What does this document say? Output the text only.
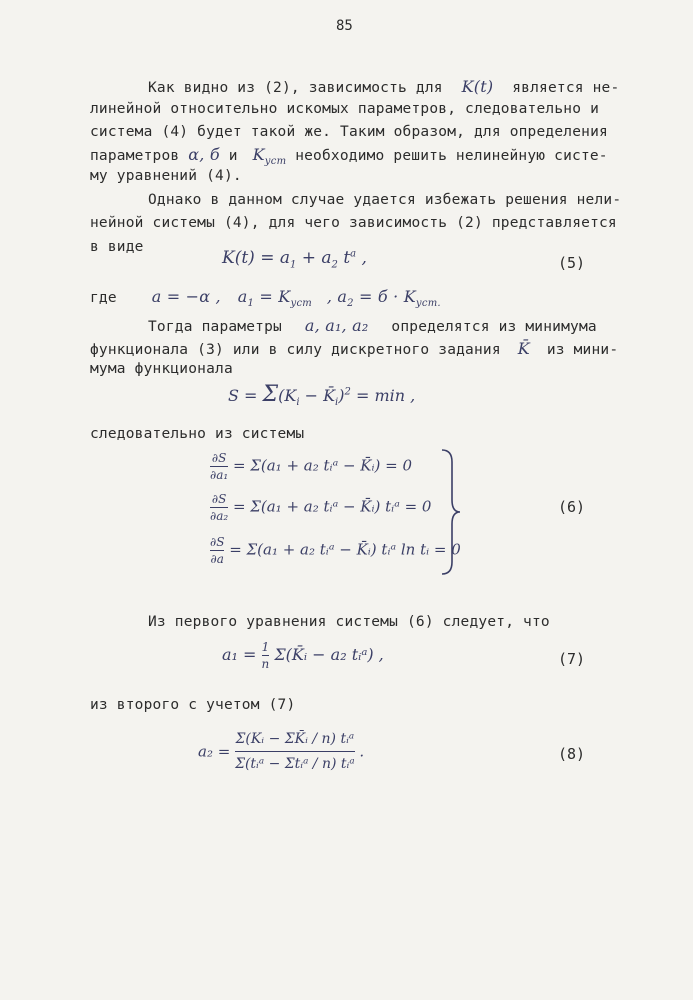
85
Как видно из (2), зависимость для K(t) является не-
линейной относительно искомых параметров, следовательно и
система (4) будет такой же. Таким образом, для определения
параметров α, б и $K_{уст}$ необходимо решить нелинейную систе-
му уравнений (4).
Однако в данном случае удается избежать решения нели-
нейной системы (4), для чего зависимость (2) представляется
в виде
$K(t) = a_1 + a_2$ $t^a$ ,	(5)
где a = −α , $a_1 = K_{уст}$ , $a_2 = б \cdot K_{уст.}$
Тогда параметры a, a₁, a₂ определятся из минимума
функционала (3) или в силу дискретного задания K̄ из мини-
мума функционала
$S = \Sigma(K_i$ − $K̄_i)^2 = \min$ ,
следовательно из системы
$\frac{\partial S}{\text{∂a₁}} = \Sigma(a_1 + a_2$ tᵢᵃ − K̄ᵢ) = 0
$\frac{\partial S}{\text{∂a₂}} = \Sigma(a_1 + a_2$ tᵢᵃ − K̄ᵢ) tᵢᵃ = 0
$\frac{\partial S}{\partial a} = \Sigma(a_1 + a_2$ tᵢᵃ − K̄ᵢ) tᵢᵃ ln tᵢ = 0
(6)
Из первого уравнения системы (6) следует, что
$a_1 = \frac{1}{n}$ Σ(K̄ᵢ − a₂ tᵢᵃ) ,	(7)
из второго с учетом (7)
$a_2 = \frac{\text{Σ(Kᵢ − ΣK̄ᵢ / n) tᵢᵃ}}{\text{Σ(tᵢᵃ − Σtᵢᵃ / n) tᵢᵃ}}$ .	(8)
